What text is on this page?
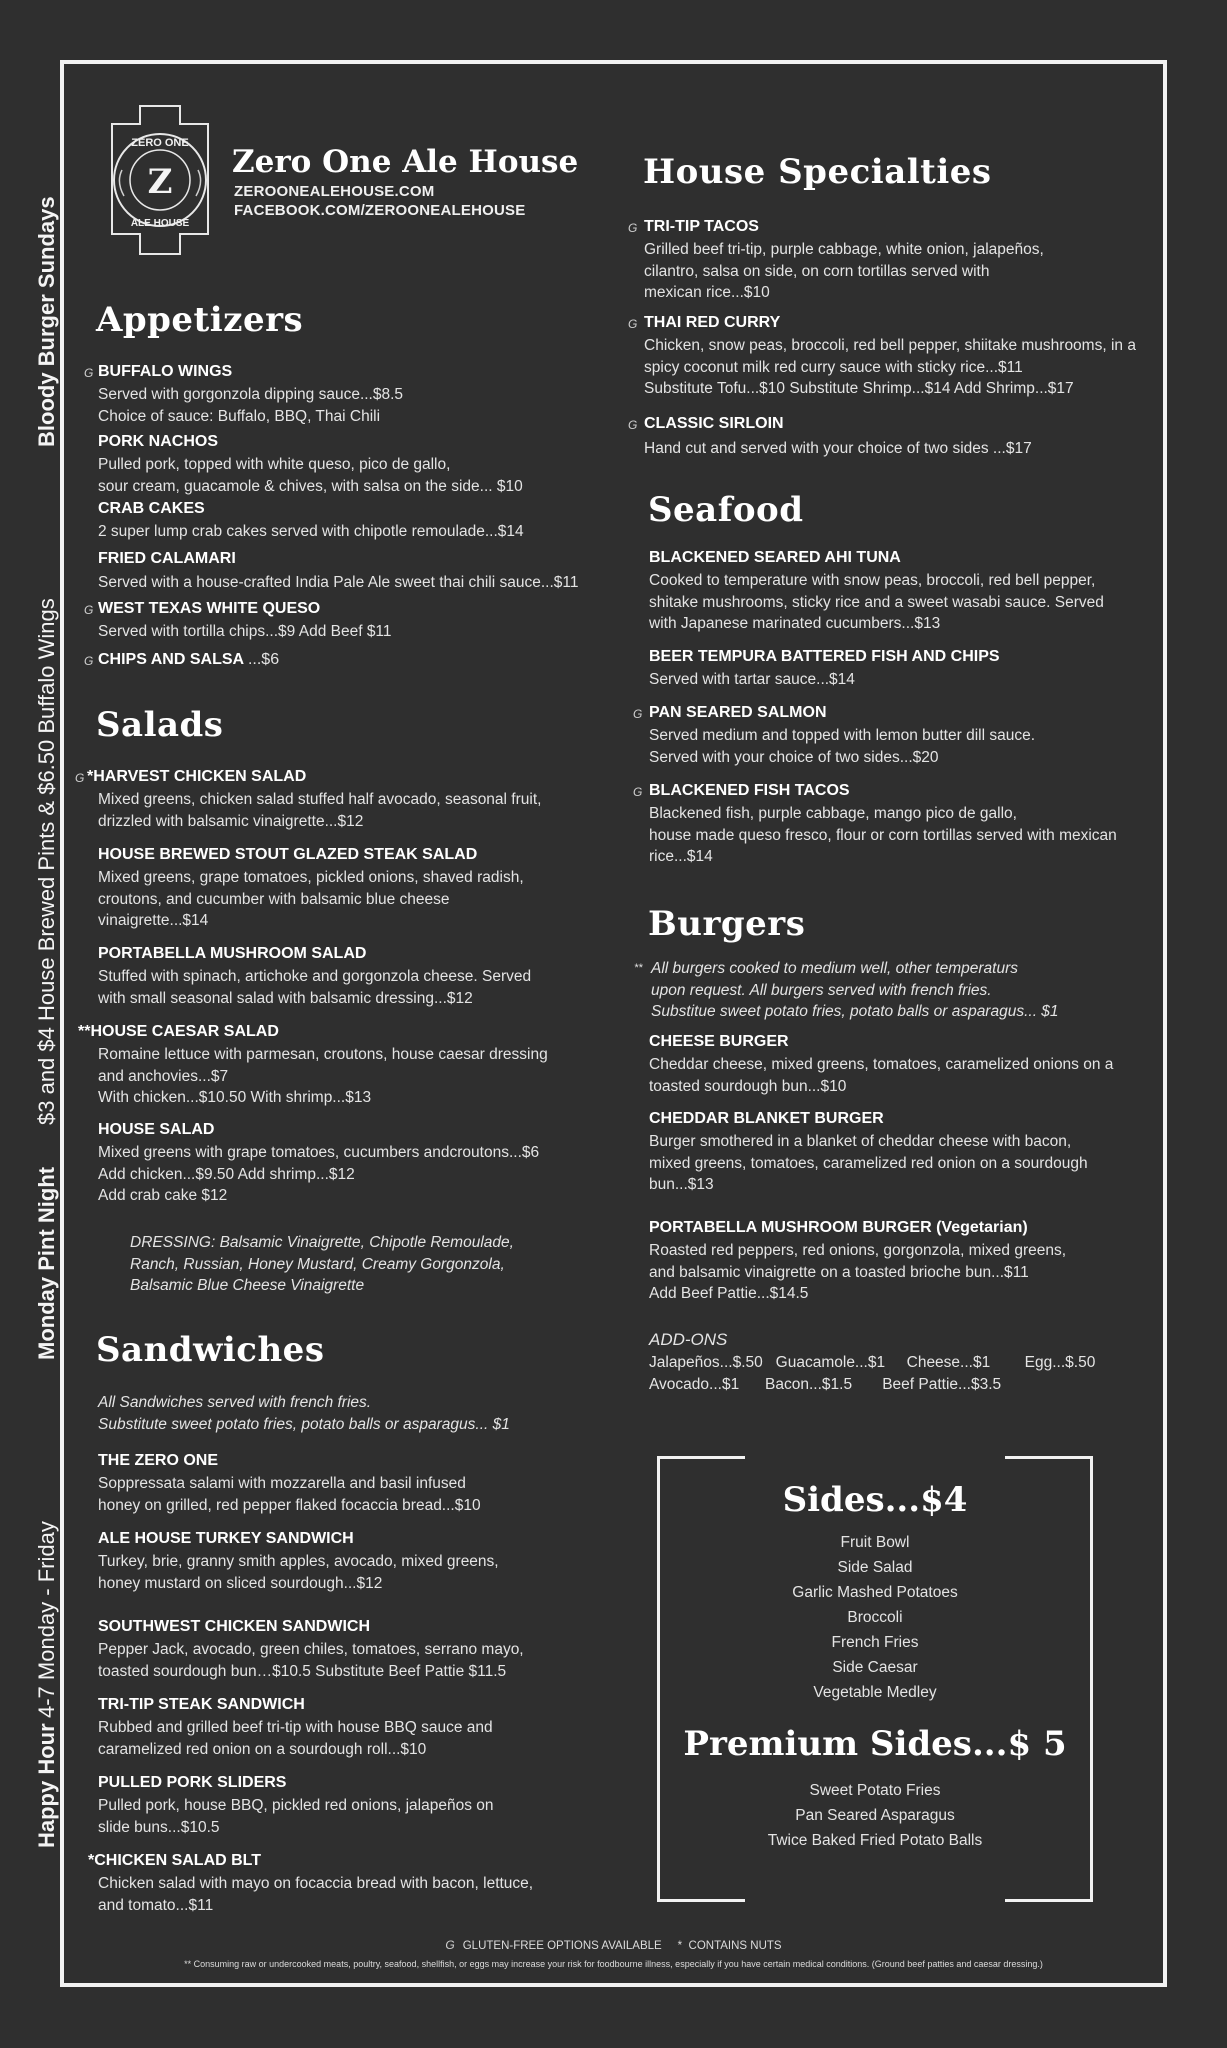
Bloody Burger Sundays
$3 and $4 House Brewed Pints & $6.50 Buffalo Wings
Monday Pint Night
4-7 Monday - Friday
Happy Hour
ZERO ONE
Z
ALE HOUSE
Zero One Ale House
ZEROONEALEHOUSE.COM
FACEBOOK.COM/ZEROONEALEHOUSE
Appetizers
G BUFFALO WINGS
Served with gorgonzola dipping sauce...$8.5
Choice of sauce: Buffalo, BBQ, Thai Chili
PORK NACHOS
Pulled pork, topped with white queso, pico de gallo,
sour cream, guacamole & chives, with salsa on the side... $10
CRAB CAKES
2 super lump crab cakes served with chipotle remoulade...$14
FRIED CALAMARI
Served with a house-crafted India Pale Ale sweet thai chili sauce...$11
G WEST TEXAS WHITE QUESO
Served with tortilla chips...$9 Add Beef $11
G CHIPS AND SALSA ...$6
Salads
G *HARVEST CHICKEN SALAD
Mixed greens, chicken salad stuffed half avocado, seasonal fruit,
drizzled with balsamic vinaigrette...$12
HOUSE BREWED STOUT GLAZED STEAK SALAD
Mixed greens, grape tomatoes, pickled onions, shaved radish,
croutons, and cucumber with balsamic blue cheese
vinaigrette...$14
PORTABELLA MUSHROOM SALAD
Stuffed with spinach, artichoke and gorgonzola cheese. Served
with small seasonal salad with balsamic dressing...$12
**HOUSE CAESAR SALAD
Romaine lettuce with parmesan, croutons, house caesar dressing
and anchovies...$7
With chicken...$10.50 With shrimp...$13
HOUSE SALAD
Mixed greens with grape tomatoes, cucumbers andcroutons...$6
Add chicken...$9.50 Add shrimp...$12
Add crab cake $12
DRESSING: Balsamic Vinaigrette, Chipotle Remoulade,
Ranch, Russian, Honey Mustard, Creamy Gorgonzola,
Balsamic Blue Cheese Vinaigrette
Sandwiches
All Sandwiches served with french fries.
Substitute sweet potato fries, potato balls or asparagus... $1
THE ZERO ONE
Soppressata salami with mozzarella and basil infused
honey on grilled, red pepper flaked focaccia bread...$10
ALE HOUSE TURKEY SANDWICH
Turkey, brie, granny smith apples, avocado, mixed greens,
honey mustard on sliced sourdough...$12
SOUTHWEST CHICKEN SANDWICH
Pepper Jack, avocado, green chiles, tomatoes, serrano mayo,
toasted sourdough bun…$10.5 Substitute Beef Pattie $11.5
TRI-TIP STEAK SANDWICH
Rubbed and grilled beef tri-tip with house BBQ sauce and
caramelized red onion on a sourdough roll...$10
PULLED PORK SLIDERS
Pulled pork, house BBQ, pickled red onions, jalapeños on
slide buns...$10.5
*CHICKEN SALAD BLT
Chicken salad with mayo on focaccia bread with bacon, lettuce,
and tomato...$11
House Specialties
G TRI-TIP TACOS
Grilled beef tri-tip, purple cabbage, white onion, jalapeños,
cilantro, salsa on side, on corn tortillas served with
mexican rice...$10
G THAI RED CURRY
Chicken, snow peas, broccoli, red bell pepper, shiitake mushrooms, in a
spicy coconut milk red curry sauce with sticky rice...$11
Substitute Tofu...$10 Substitute Shrimp...$14 Add Shrimp...$17
G CLASSIC SIRLOIN
Hand cut and served with your choice of two sides ...$17
Seafood
BLACKENED SEARED AHI TUNA
Cooked to temperature with snow peas, broccoli, red bell pepper,
shitake mushrooms, sticky rice and a sweet wasabi sauce. Served
with Japanese marinated cucumbers...$13
BEER TEMPURA BATTERED FISH AND CHIPS
Served with tartar sauce...$14
G PAN SEARED SALMON
Served medium and topped with lemon butter dill sauce.
Served with your choice of two sides...$20
G BLACKENED FISH TACOS
Blackened fish, purple cabbage, mango pico de gallo,
house made queso fresco, flour or corn tortillas served with mexican
rice...$14
Burgers
** All burgers cooked to medium well, other temperaturs
upon request. All burgers served with french fries.
Substitue sweet potato fries, potato balls or asparagus... $1
CHEESE BURGER
Cheddar cheese, mixed greens, tomatoes, caramelized onions on a
toasted sourdough bun...$10
CHEDDAR BLANKET BURGER
Burger smothered in a blanket of cheddar cheese with bacon,
mixed greens, tomatoes, caramelized red onion on a sourdough
bun...$13
PORTABELLA MUSHROOM BURGER (Vegetarian)
Roasted red peppers, red onions, gorgonzola, mixed greens,
and balsamic vinaigrette on a toasted brioche bun...$11
Add Beef Pattie...$14.5
ADD-ONS
Jalapeños...$.50   Guacamole...$1     Cheese...$1        Egg...$.50
Avocado...$1      Bacon...$1.5       Beef Pattie...$3.5
Sides...$4
Fruit Bowl
Side Salad
Garlic Mashed Potatoes
Broccoli
French Fries
Side Caesar
Vegetable Medley
Premium Sides...$ 5
Sweet Potato Fries
Pan Seared Asparagus
Twice Baked Fried Potato Balls
G GLUTEN-FREE OPTIONS AVAILABLE     *  CONTAINS NUTS
** Consuming raw or undercooked meats, poultry, seafood, shellfish, or eggs may increase your risk for foodbourne illness, especially if you have certain medical conditions. (Ground beef patties and caesar dressing.)
